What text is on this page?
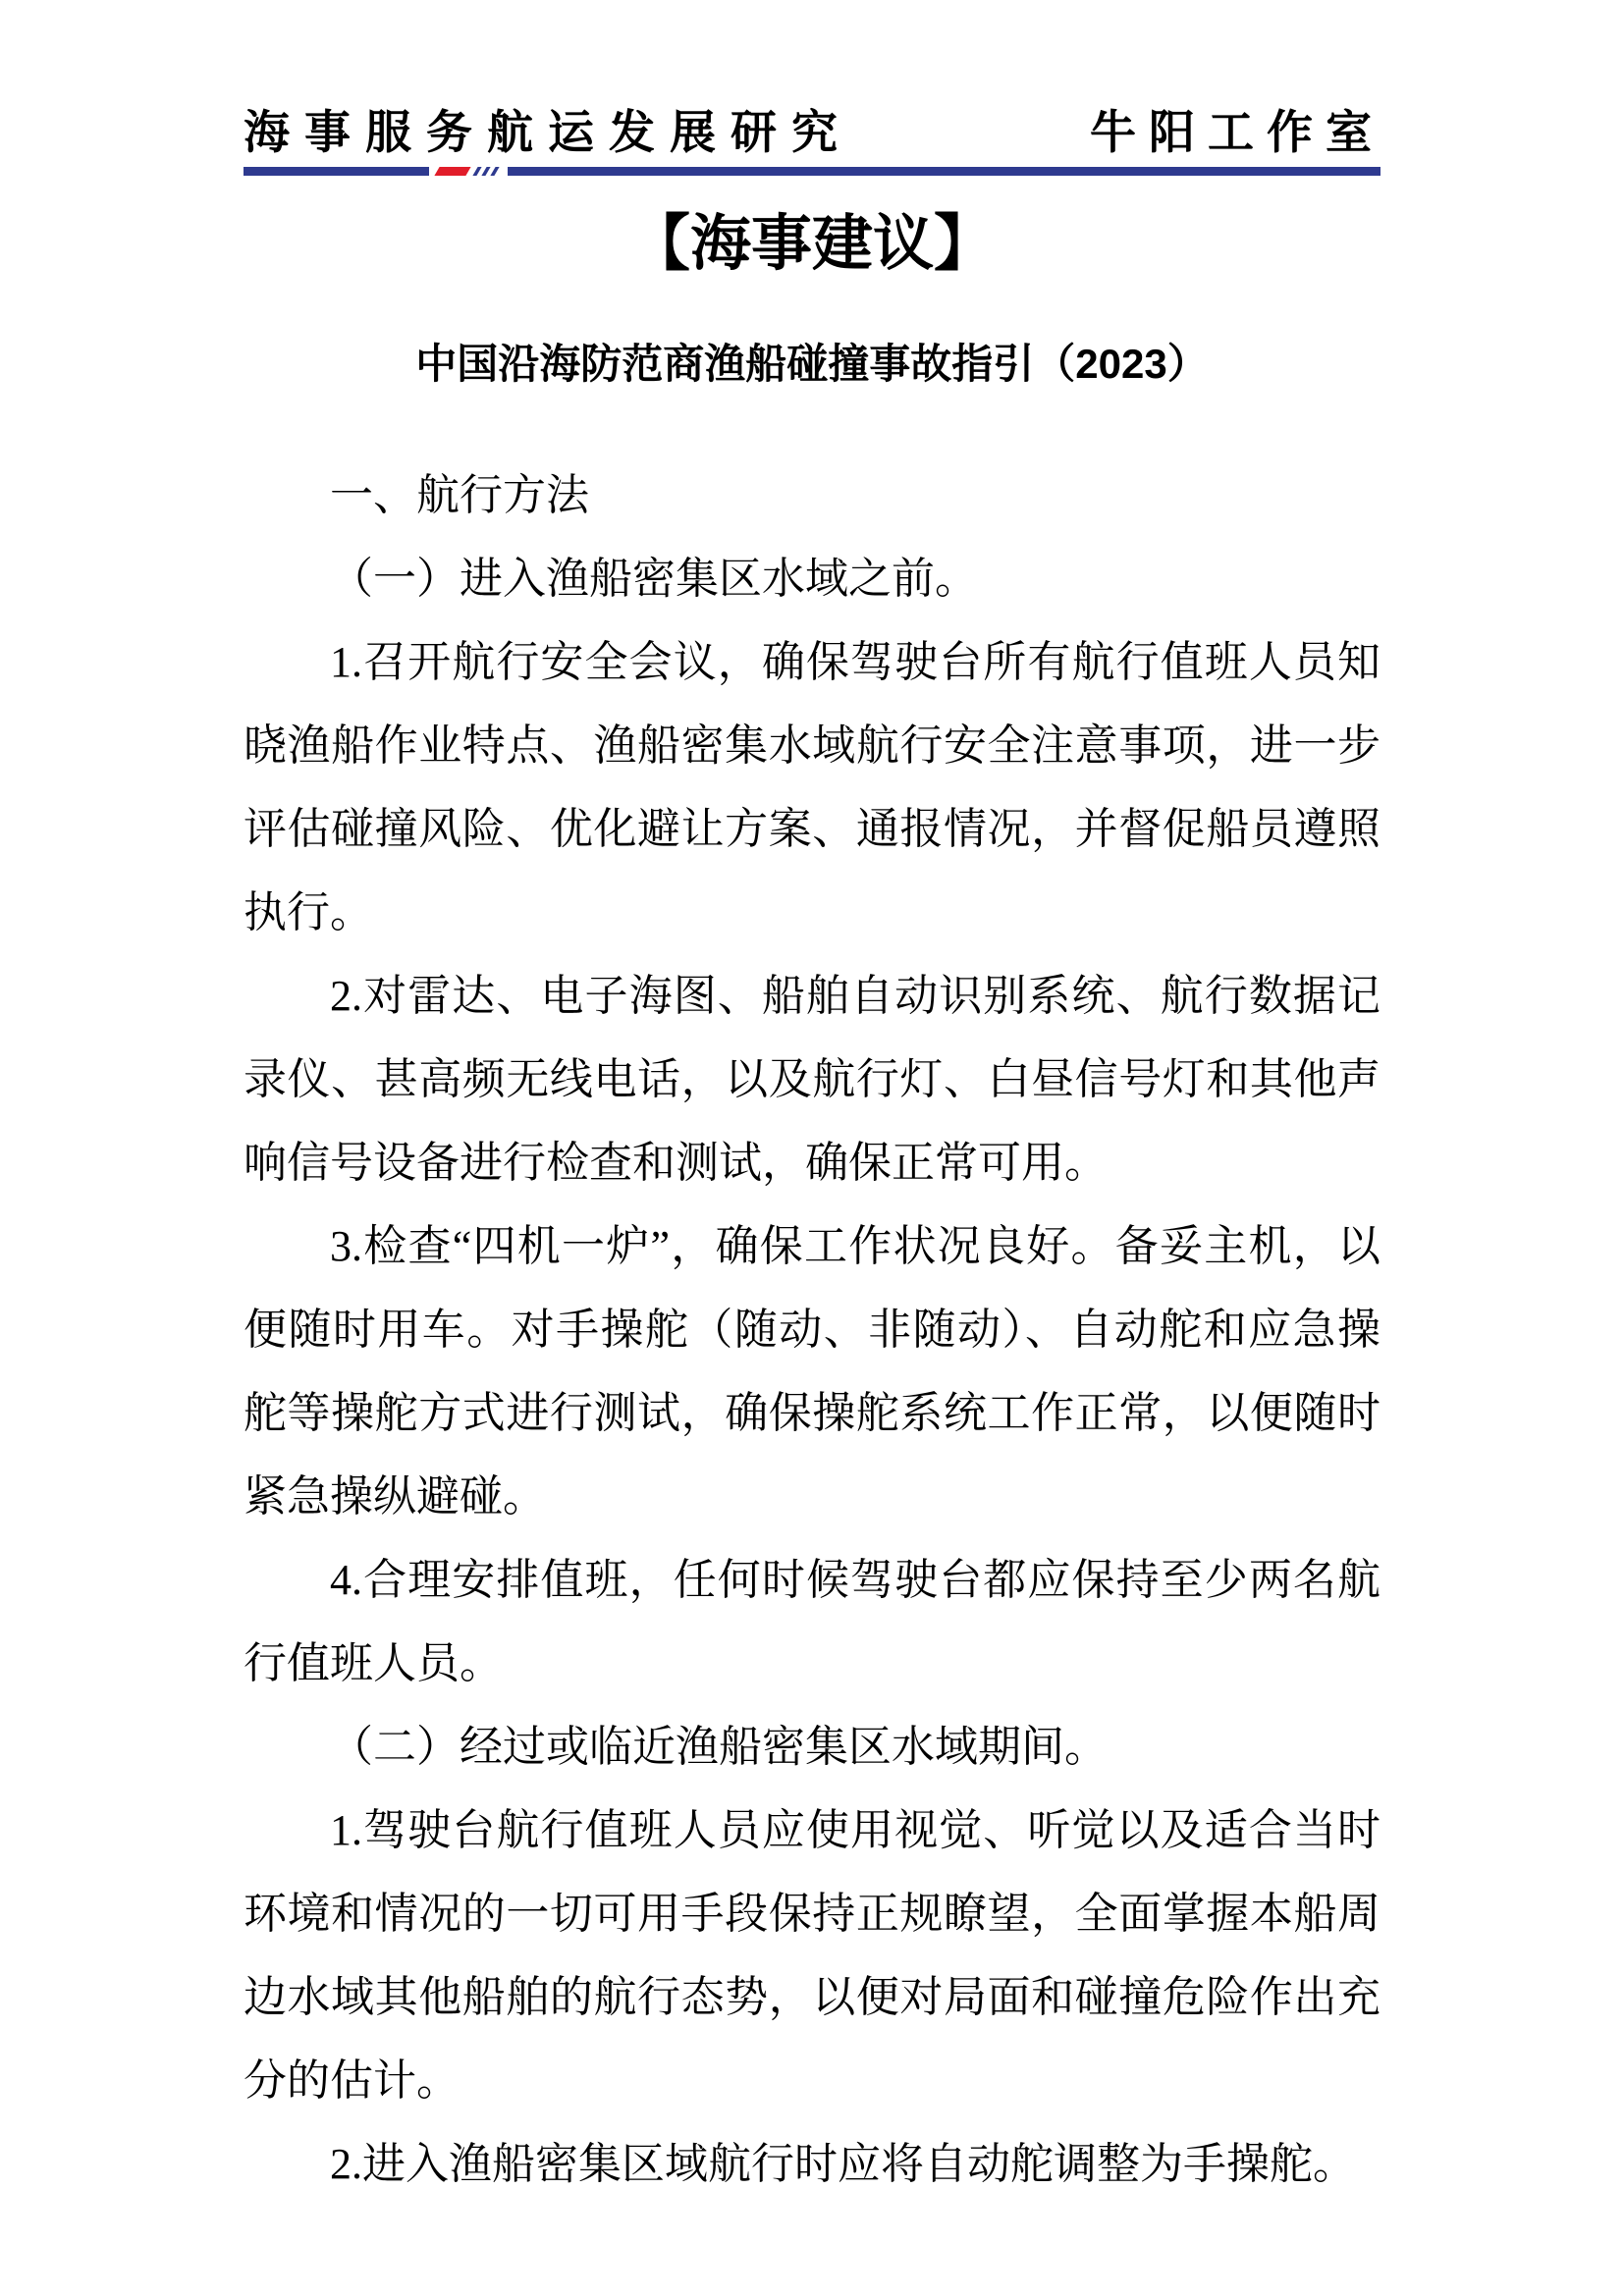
海事服务航运发展研究	牛阳工作室
【海事建议】
中国沿海防范商渔船碰撞事故指引（2023）

一、航行方法

（一）进入渔船密集区水域之前。

1.召开航行安全会议，确保驾驶台所有航行值班人员知晓渔船作业特点、渔船密集水域航行安全注意事项，进一步评估碰撞风险、优化避让方案、通报情况，并督促船员遵照执行。

2.对雷达、电子海图、船舶自动识别系统、航行数据记录仪、甚高频无线电话，以及航行灯、白昼信号灯和其他声响信号设备进行检查和测试，确保正常可用。

3.检查“四机一炉”，确保工作状况良好。备妥主机，以便随时用车。对手操舵（随动、非随动）、自动舵和应急操舵等操舵方式进行测试，确保操舵系统工作正常，以便随时紧急操纵避碰。

4.合理安排值班，任何时候驾驶台都应保持至少两名航行值班人员。

（二）经过或临近渔船密集区水域期间。

1.驾驶台航行值班人员应使用视觉、听觉以及适合当时环境和情况的一切可用手段保持正规瞭望，全面掌握本船周边水域其他船舶的航行态势，以便对局面和碰撞危险作出充分的估计。

2.进入渔船密集区域航行时应将自动舵调整为手操舵。
